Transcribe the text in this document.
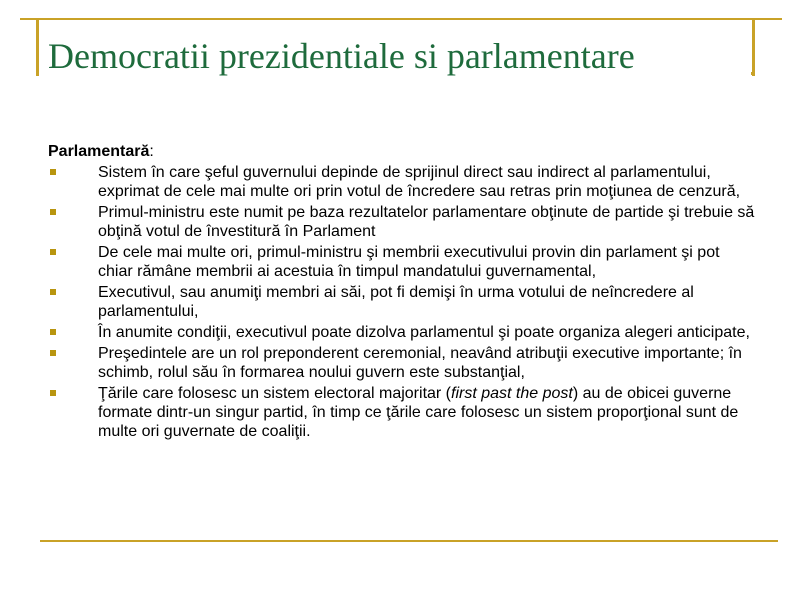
Democratii prezidentiale si parlamentare

Parlamentară:

Sistem în care şeful guvernului depinde de sprijinul direct sau indirect al parlamentului, exprimat de cele mai multe ori prin votul de încredere sau retras prin moţiunea de cenzură,
Primul-ministru este numit pe baza rezultatelor parlamentare obţinute de partide şi trebuie să obţină votul de învestitură în Parlament
De cele mai multe ori, primul-ministru şi membrii executivului provin din parlament şi pot chiar rămâne membrii ai acestuia în timpul mandatului guvernamental,
Executivul, sau anumiţi membri ai săi, pot fi demişi în urma votului de neîncredere al parlamentului,
În anumite condiţii, executivul poate dizolva parlamentul şi poate organiza alegeri anticipate,
Preşedintele are un rol preponderent ceremonial, neavând atribuţii executive importante; în schimb, rolul său în formarea noului guvern este substanţial,
Ţările care folosesc un sistem electoral majoritar (first past the post) au de obicei guverne formate dintr-un singur partid, în timp ce ţările care folosesc un sistem proporţional sunt de multe ori guvernate de coaliţii.
